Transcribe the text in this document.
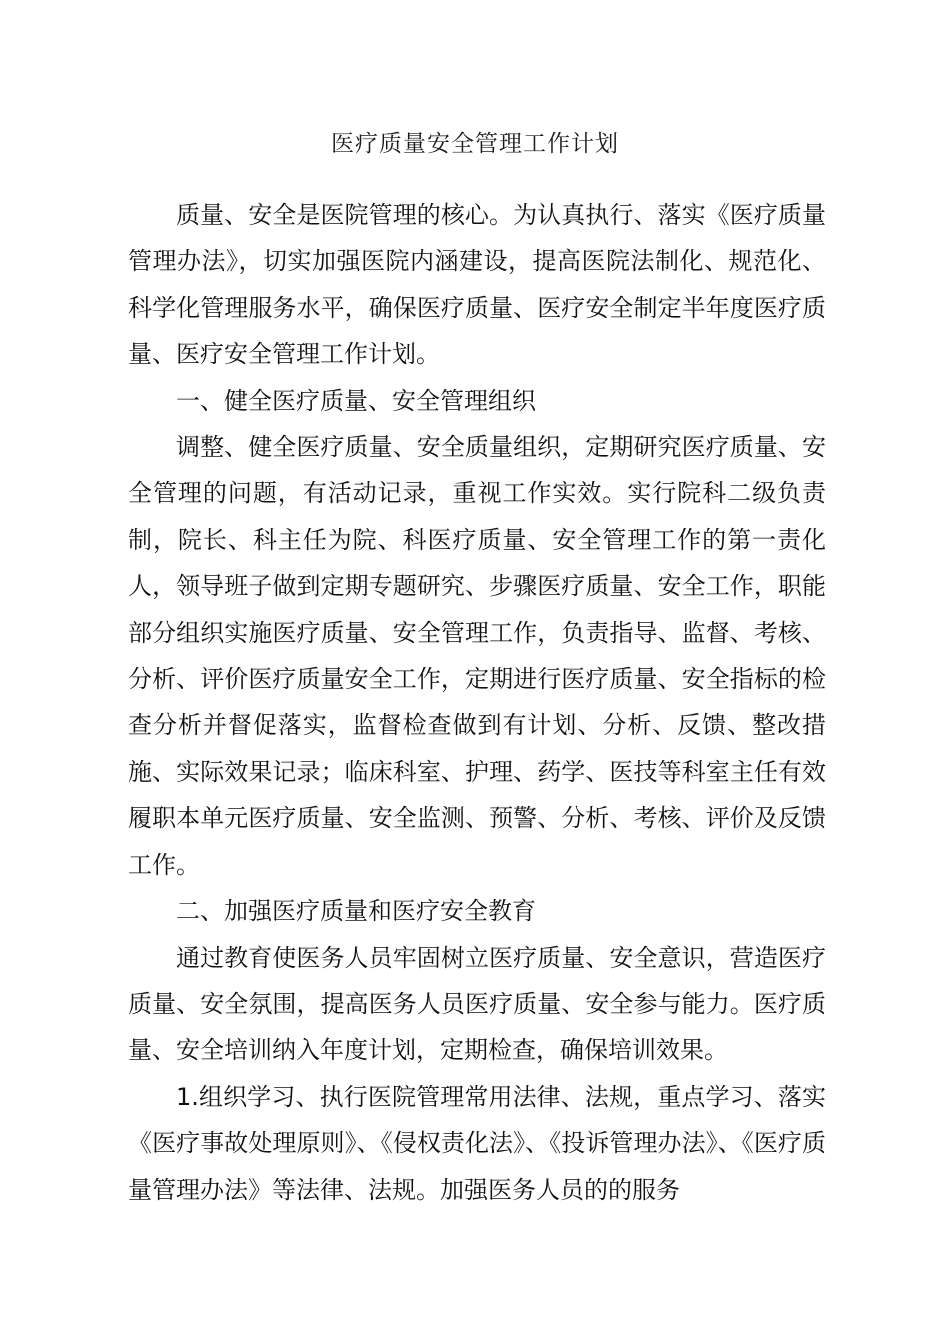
医疗质量安全管理工作计划

质量、安全是医院管理的核心。为认真执行、落实《医疗质量管理办法》，切实加强医院内涵建设，提高医院法制化、规范化、科学化管理服务水平，确保医疗质量、医疗安全制定半年度医疗质量、医疗安全管理工作计划。

一、健全医疗质量、安全管理组织

调整、健全医疗质量、安全质量组织，定期研究医疗质量、安全管理的问题，有活动记录，重视工作实效。实行院科二级负责制，院长、科主任为院、科医疗质量、安全管理工作的第一责化人，领导班子做到定期专题研究、步骤医疗质量、安全工作，职能部分组织实施医疗质量、安全管理工作，负责指导、监督、考核、分析、评价医疗质量安全工作，定期进行医疗质量、安全指标的检查分析并督促落实，监督检查做到有计划、分析、反馈、整改措施、实际效果记录；临床科室、护理、药学、医技等科室主任有效履职本单元医疗质量、安全监测、预警、分析、考核、评价及反馈工作。

二、加强医疗质量和医疗安全教育

通过教育使医务人员牢固树立医疗质量、安全意识，营造医疗质量、安全氛围，提高医务人员医疗质量、安全参与能力。医疗质量、安全培训纳入年度计划，定期检查，确保培训效果。

1.组织学习、执行医院管理常用法律、法规，重点学习、落实《医疗事故处理原则》、《侵权责化法》、《投诉管理办法》、《医疗质量管理办法》等法律、法规。加强医务人员的的服务
